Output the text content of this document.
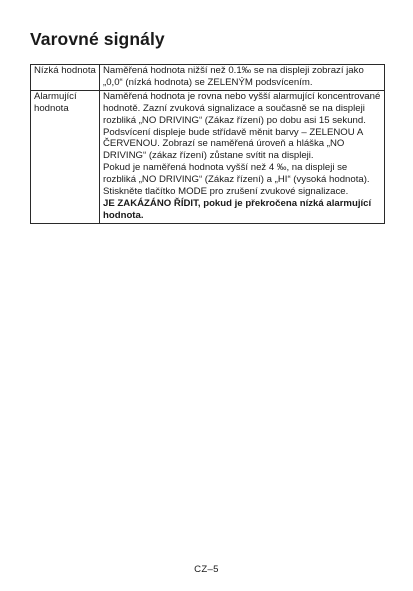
Varovné signály
Nízká hodnota	Naměřená hodnota nižší než 0.1‰ se na displeji zobrazí jako „0,0“ (nízká hodnota) se ZELENÝM podsvícením.

Alarmující hodnota	Naměřená hodnota je rovna nebo vyšší alarmující koncentrované hodnotě. Zazní zvuková signalizace a současně se na displeji rozbliká „NO DRIVING“ (Zákaz řízení) po dobu asi 15 sekund. Podsvícení displeje bude střídavě měnit barvy – ZELENOU A ČERVENOU. Zobrazí se naměřená úroveň a hláška „NO DRIVING“ (zákaz řízení) zůstane svítit na displeji.
Pokud je naměřená hodnota vyšší než 4 ‰, na displeji se rozbliká „NO DRIVING“ (Zákaz řízení) a „HI“ (vysoká hodnota). Stiskněte tlačítko MODE pro zrušení zvukové signalizace.
JE ZAKÁZÁNO ŘÍDIT, pokud je překročena nízká alarmující hodnota.
CZ–5
